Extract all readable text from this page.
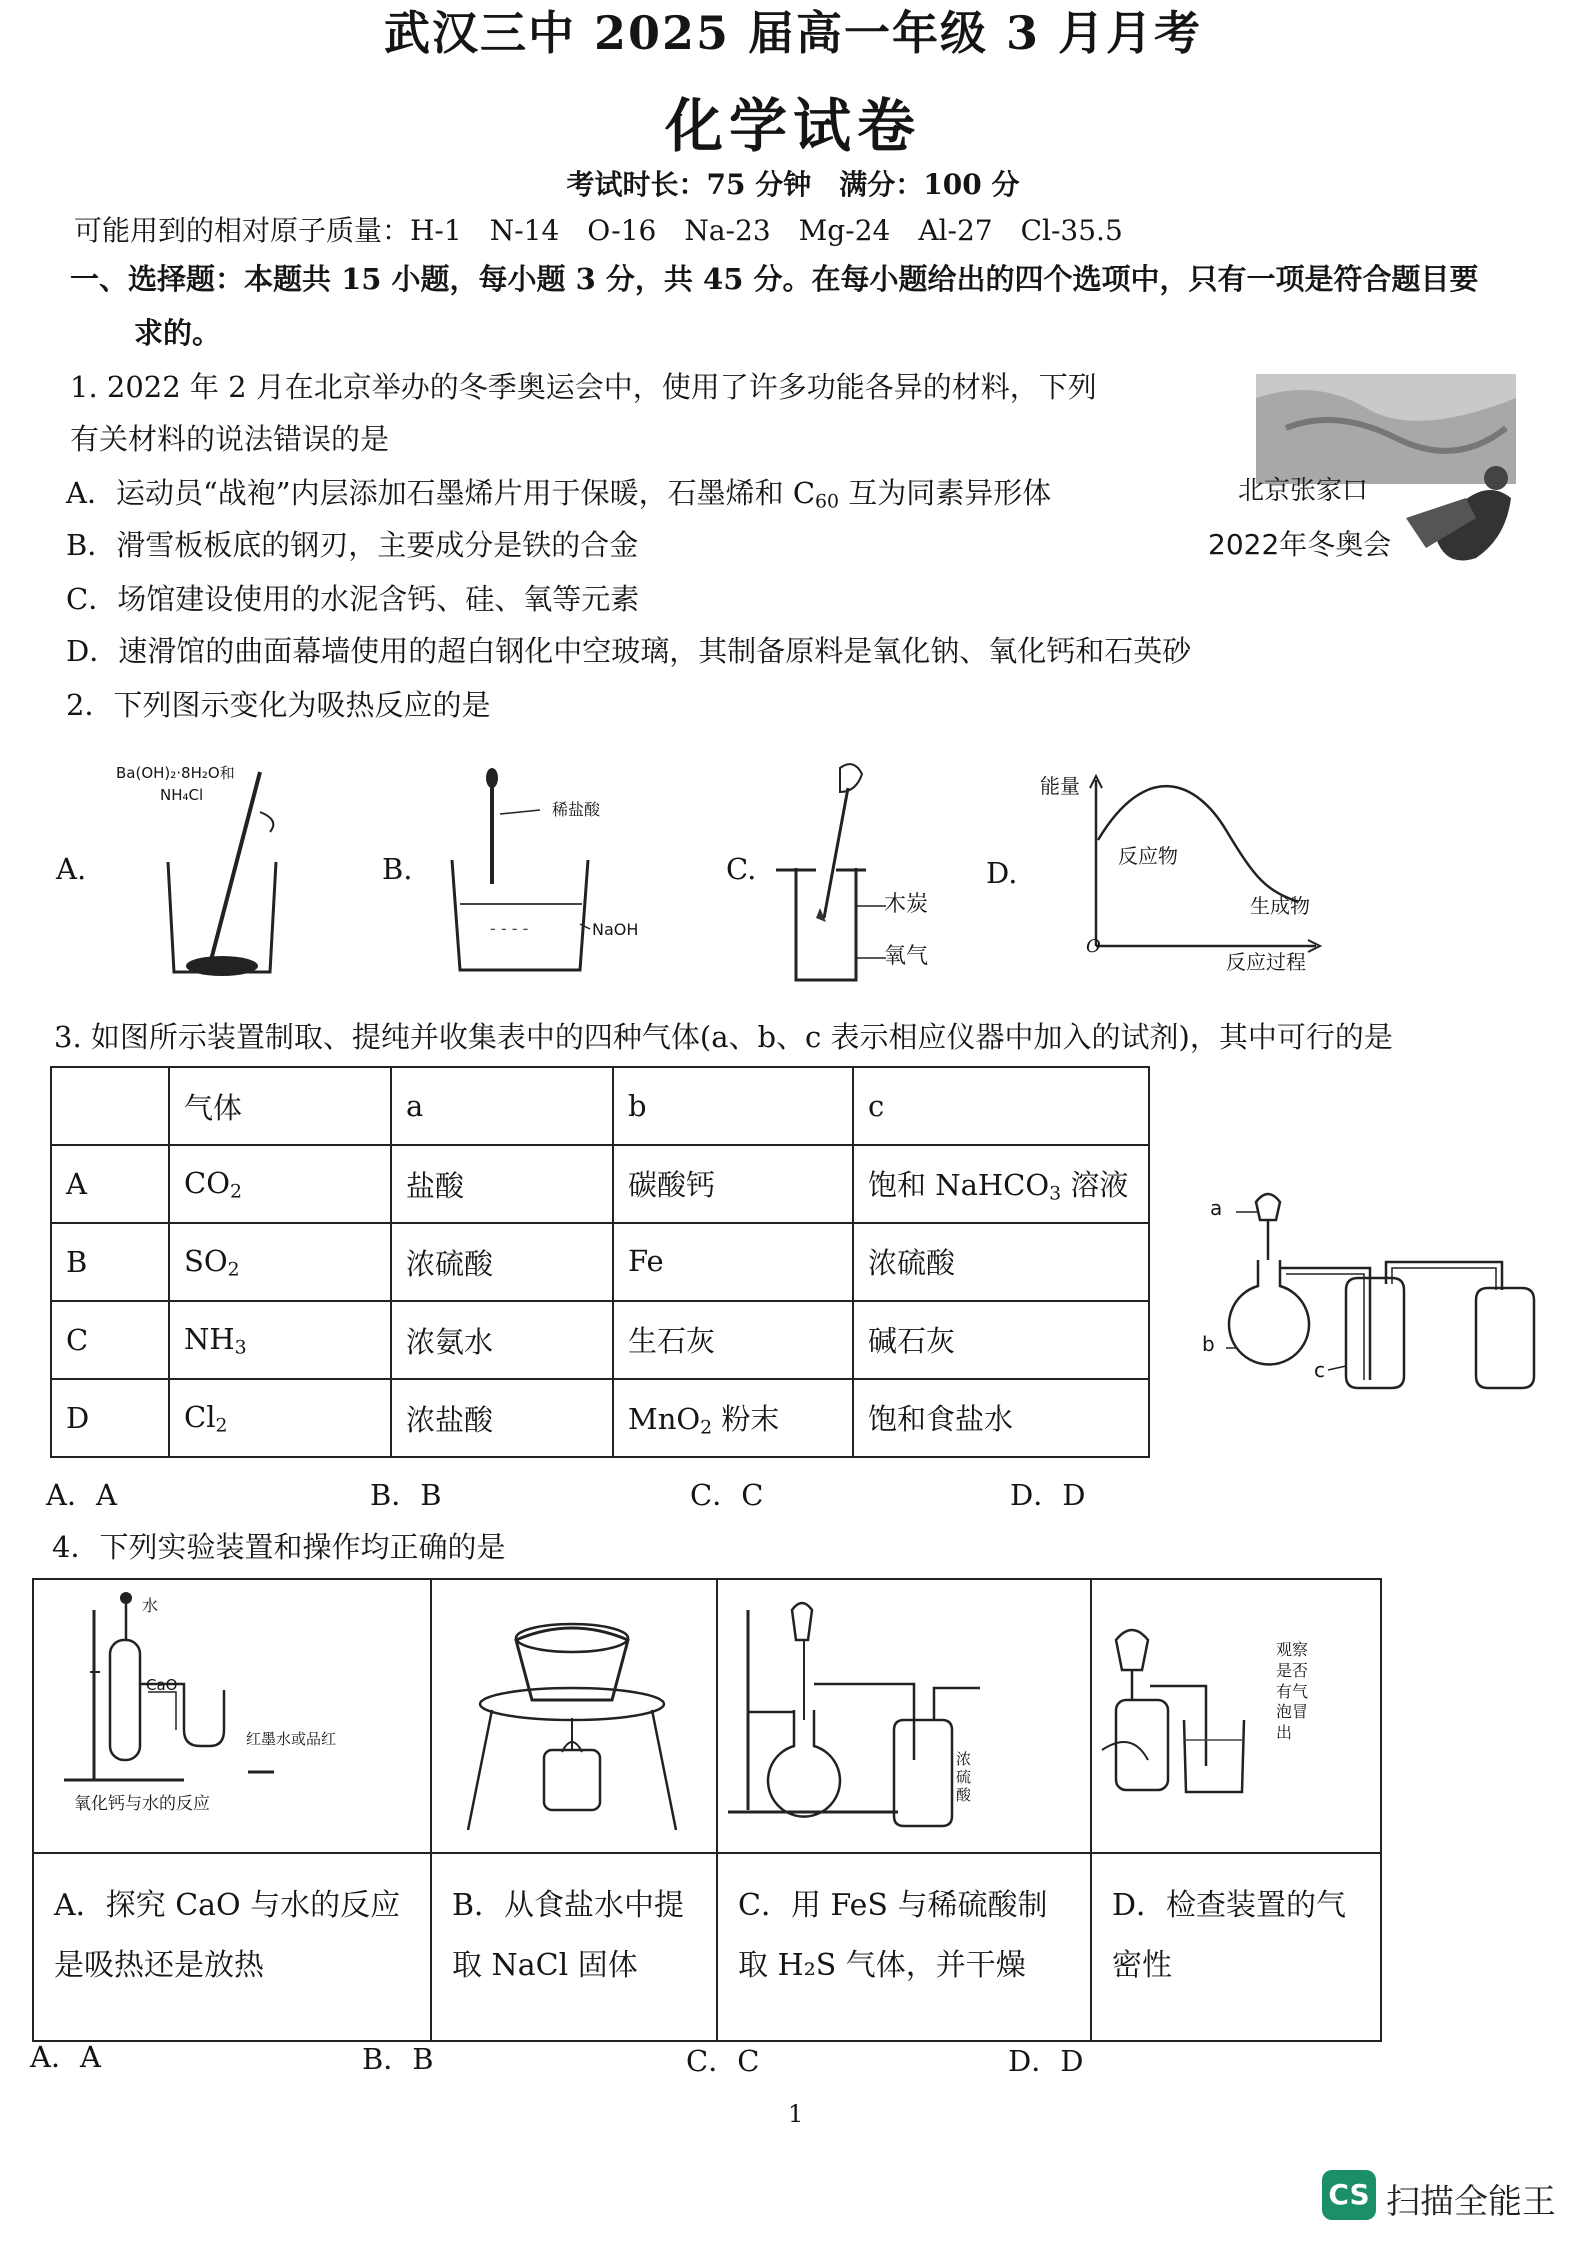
武汉三中 2025 届高一年级 3 月月考
化学试卷
考试时长：75 分钟　满分：100 分
可能用到的相对原子质量：H-1　N-14　O-16　Na-23　Mg-24　Al-27　Cl-35.5
一、选择题：本题共 15 小题，每小题 3 分，共 45 分。在每小题给出的四个选项中，只有一项是符合题目要
求的。
1. 2022 年 2 月在北京举办的冬季奥运会中，使用了许多功能各异的材料，下列
有关材料的说法错误的是
A．运动员“战袍”内层添加石墨烯片用于保暖，石墨烯和 $C_{60}$ 互为同素异形体
B．滑雪板板底的钢刃，主要成分是铁的合金
C．场馆建设使用的水泥含钙、硅、氧等元素
D．速滑馆的曲面幕墙使用的超白钢化中空玻璃，其制备原料是氧化钠、氧化钙和石英砂
北京张家口
2022年冬奥会
2．下列图示变化为吸热反应的是
A.
Ba(OH)₂·8H₂O和
NH₄Cl
B.
- - - -
稀盐酸
NaOH
C.
木炭
氧气
D.
能量
反应物
生成物
反应过程
O
3. 如图所示装置制取、提纯并收集表中的四种气体(a、b、c 表示相应仪器中加入的试剂)，其中可行的是
	气体	a	b	c
A	$CO_2$	盐酸	碳酸钙	饱和 NaHCO$_3$ 溶液
B	$SO_2$	浓硫酸	Fe	浓硫酸
C	$NH_3$	浓氨水	生石灰	碱石灰
D	$Cl_2$	浓盐酸	MnO$_2$ 粉末	饱和食盐水
a
b
c
A．A	B．B	C．C	D．D
4．下列实验装置和操作均正确的是
水
CaO
红墨水或品红
氧化钙与水的反应		浓硫酸	观察是否有气泡冒出

A．探究 CaO 与水的反应是吸热还是放热	B．从食盐水中提取 NaCl 固体	C．用 FeS 与稀硫酸制取 H₂S 气体，并干燥	D．检查装置的气密性
A．A	B．B	C．C	D．D
1
CS 扫描全能王
